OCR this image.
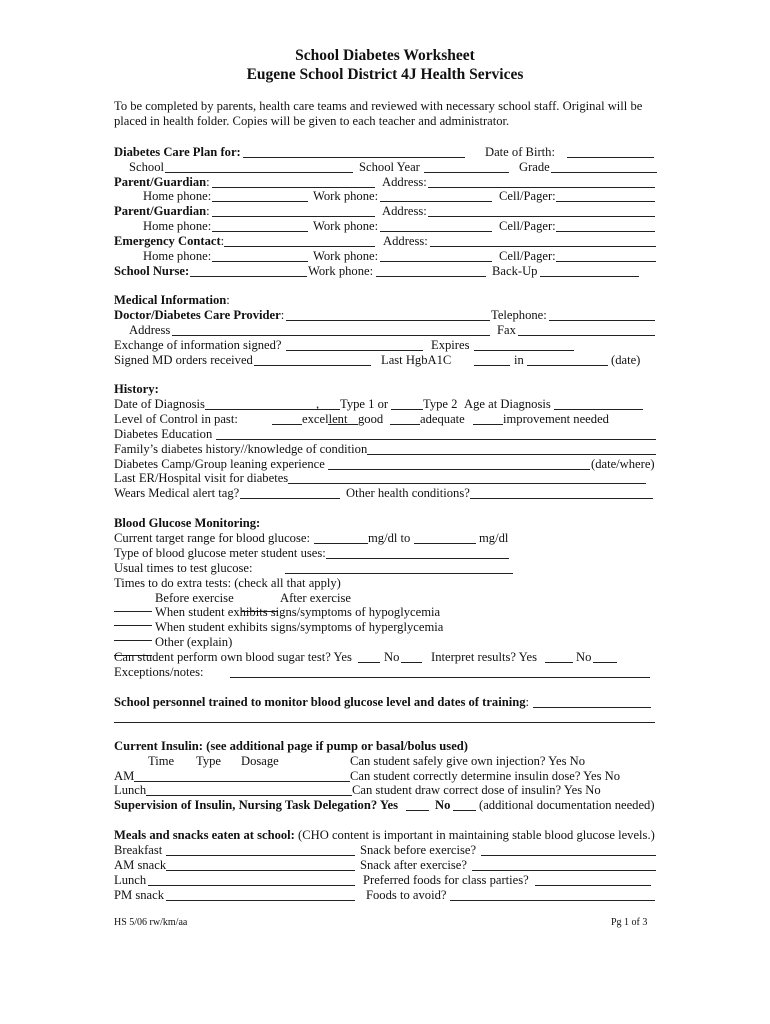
School Diabetes Worksheet
Eugene School District 4J Health Services
To be completed by parents, health care teams and reviewed with necessary school staff. Original will be placed in health folder. Copies will be given to each teacher and administrator.
Diabetes Care Plan for:	Date of Birth:
School	School Year	Grade
Parent/Guardian:	Address:
Home phone:	Work phone:	Cell/Pager:
Parent/Guardian:	Address:
Home phone:	Work phone:	Cell/Pager:
Emergency Contact:	Address:
Home phone:	Work phone:	Cell/Pager:
School Nurse:	Work phone:	Back-Up
Medical Information:
Doctor/Diabetes Care Provider:	Telephone:
Address	Fax
Exchange of information signed?	Expires
Signed MD orders received	Last HgbA1C	in	(date)
History:
Date of Diagnosis	, Type 1 or	Type 2 Age at Diagnosis
Level of Control in past:	excellent good	adequate	improvement needed
Diabetes Education
Family’s diabetes history//knowledge of condition
Diabetes Camp/Group leaning experience	(date/where)
Last ER/Hospital visit for diabetes
Wears Medical alert tag?	Other health conditions?
Blood Glucose Monitoring:
Current target range for blood glucose:	mg/dl to	mg/dl
Type of blood glucose meter student uses:
Usual times to test glucose:
Times to do extra tests: (check all that apply)
Before exercise	After exercise
When student exhibits signs/symptoms of hypoglycemia
When student exhibits signs/symptoms of hyperglycemia
Other (explain)
Can student perform own blood sugar test? Yes	No	Interpret results? Yes	No
Exceptions/notes:
School personnel trained to monitor blood glucose level and dates of training:
Current Insulin: (see additional page if pump or basal/bolus used)
Time Type Dosage	Can student safely give own injection? Yes No
AM	Can student correctly determine insulin dose? Yes No
Lunch	Can student draw correct dose of insulin? Yes No
Supervision of Insulin, Nursing Task Delegation? Yes	No (additional documentation needed)
Meals and snacks eaten at school: (CHO content is important in maintaining stable blood glucose levels.)
Breakfast	Snack before exercise?
AM snack	Snack after exercise?
Lunch	Preferred foods for class parties?
PM snack	Foods to avoid?
HS 5/06 rw/km/aa	Pg 1 of 3
